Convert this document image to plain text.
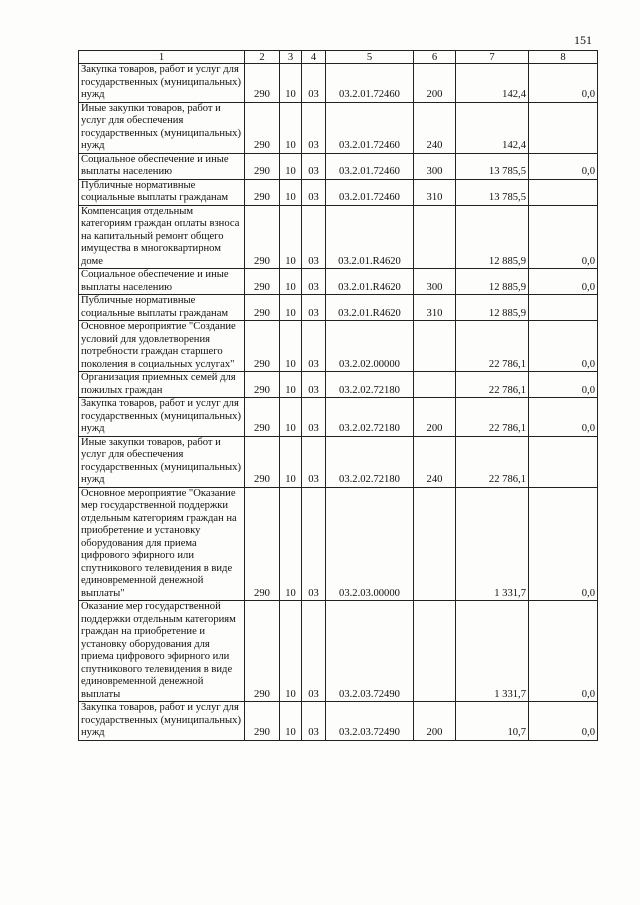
151
1	2	3	4	5	6	7	8
Закупка товаров, работ и услуг для государственных (муниципальных) нужд	290	10	03	03.2.01.72460	200	142,4	0,0
Иные закупки товаров, работ и услуг для обеспечения государственных (муниципальных) нужд	290	10	03	03.2.01.72460	240	142,4	
Социальное обеспечение и иные выплаты населению	290	10	03	03.2.01.72460	300	13 785,5	0,0
Публичные нормативные социальные выплаты гражданам	290	10	03	03.2.01.72460	310	13 785,5	
Компенсация отдельным категориям граждан оплаты взноса на капитальный ремонт общего имущества в многоквартирном доме	290	10	03	03.2.01.R4620		12 885,9	0,0
Социальное обеспечение и иные выплаты населению	290	10	03	03.2.01.R4620	300	12 885,9	0,0
Публичные нормативные социальные выплаты гражданам	290	10	03	03.2.01.R4620	310	12 885,9	
Основное мероприятие "Создание условий для удовлетворения потребности граждан старшего поколения в социальных услугах"	290	10	03	03.2.02.00000		22 786,1	0,0
Организация приемных семей для пожилых граждан	290	10	03	03.2.02.72180		22 786,1	0,0
Закупка товаров, работ и услуг для государственных (муниципальных) нужд	290	10	03	03.2.02.72180	200	22 786,1	0,0
Иные закупки товаров, работ и услуг для обеспечения государственных (муниципальных) нужд	290	10	03	03.2.02.72180	240	22 786,1	
Основное мероприятие "Оказание мер государственной поддержки отдельным категориям граждан на приобретение и установку оборудования для приема цифрового эфирного или спутникового телевидения в виде единовременной денежной выплаты"	290	10	03	03.2.03.00000		1 331,7	0,0
Оказание мер государственной поддержки отдельным категориям граждан на приобретение и установку оборудования для приема цифрового эфирного или спутникового телевидения в виде единовременной денежной выплаты	290	10	03	03.2.03.72490		1 331,7	0,0
Закупка товаров, работ и услуг для государственных (муниципальных) нужд	290	10	03	03.2.03.72490	200	10,7	0,0
